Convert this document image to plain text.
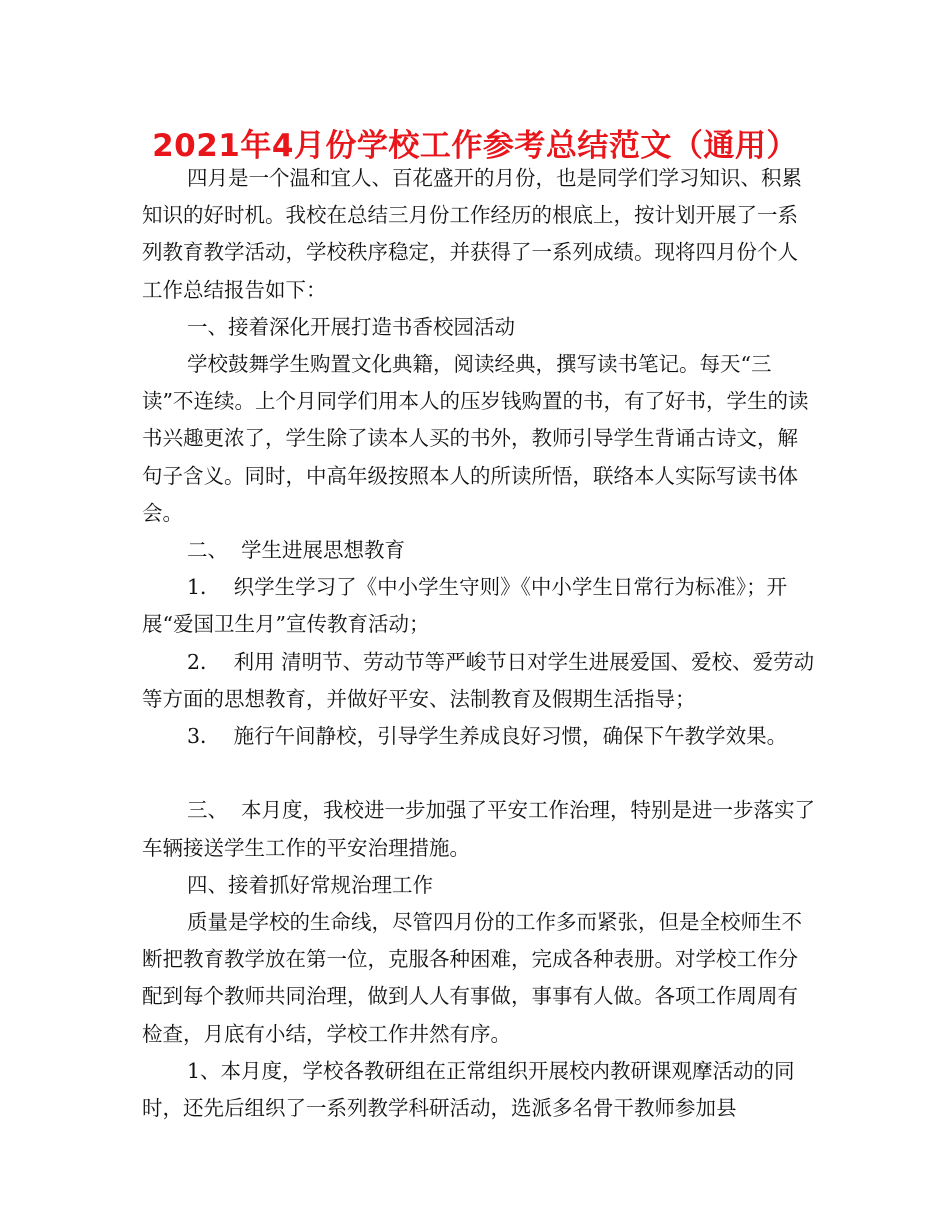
2021年4月份学校工作参考总结范文（通用）

四月是一个温和宜人、百花盛开的月份，也是同学们学习知识、积累知识的好时机。我校在总结三月份工作经历的根底上，按计划开展了一系列教育教学活动，学校秩序稳定，并获得了一系列成绩。现将四月份个人工作总结报告如下：

一、接着深化开展打造书香校园活动

学校鼓舞学生购置文化典籍，阅读经典，撰写读书笔记。每天“三读”不连续。上个月同学们用本人的压岁钱购置的书，有了好书，学生的读书兴趣更浓了，学生除了读本人买的书外，教师引导学生背诵古诗文，解句子含义。同时，中高年级按照本人的所读所悟，联络本人实际写读书体会。

二、  学生进展思想教育

1．  织学生学习了《中小学生守则》《中小学生日常行为标准》；开展“爱国卫生月”宣传教育活动；

2．  利用 清明节、劳动节等严峻节日对学生进展爱国、爱校、爱劳动等方面的思想教育，并做好平安、法制教育及假期生活指导；

3．  施行午间静校，引导学生养成良好习惯，确保下午教学效果。

三、  本月度，我校进一步加强了平安工作治理，特别是进一步落实了车辆接送学生工作的平安治理措施。

四、接着抓好常规治理工作

质量是学校的生命线，尽管四月份的工作多而紧张，但是全校师生不断把教育教学放在第一位，克服各种困难，完成各种表册。对学校工作分配到每个教师共同治理，做到人人有事做，事事有人做。各项工作周周有检查，月底有小结，学校工作井然有序。

1、本月度，学校各教研组在正常组织开展校内教研课观摩活动的同时，还先后组织了一系列教学科研活动，选派多名骨干教师参加县
